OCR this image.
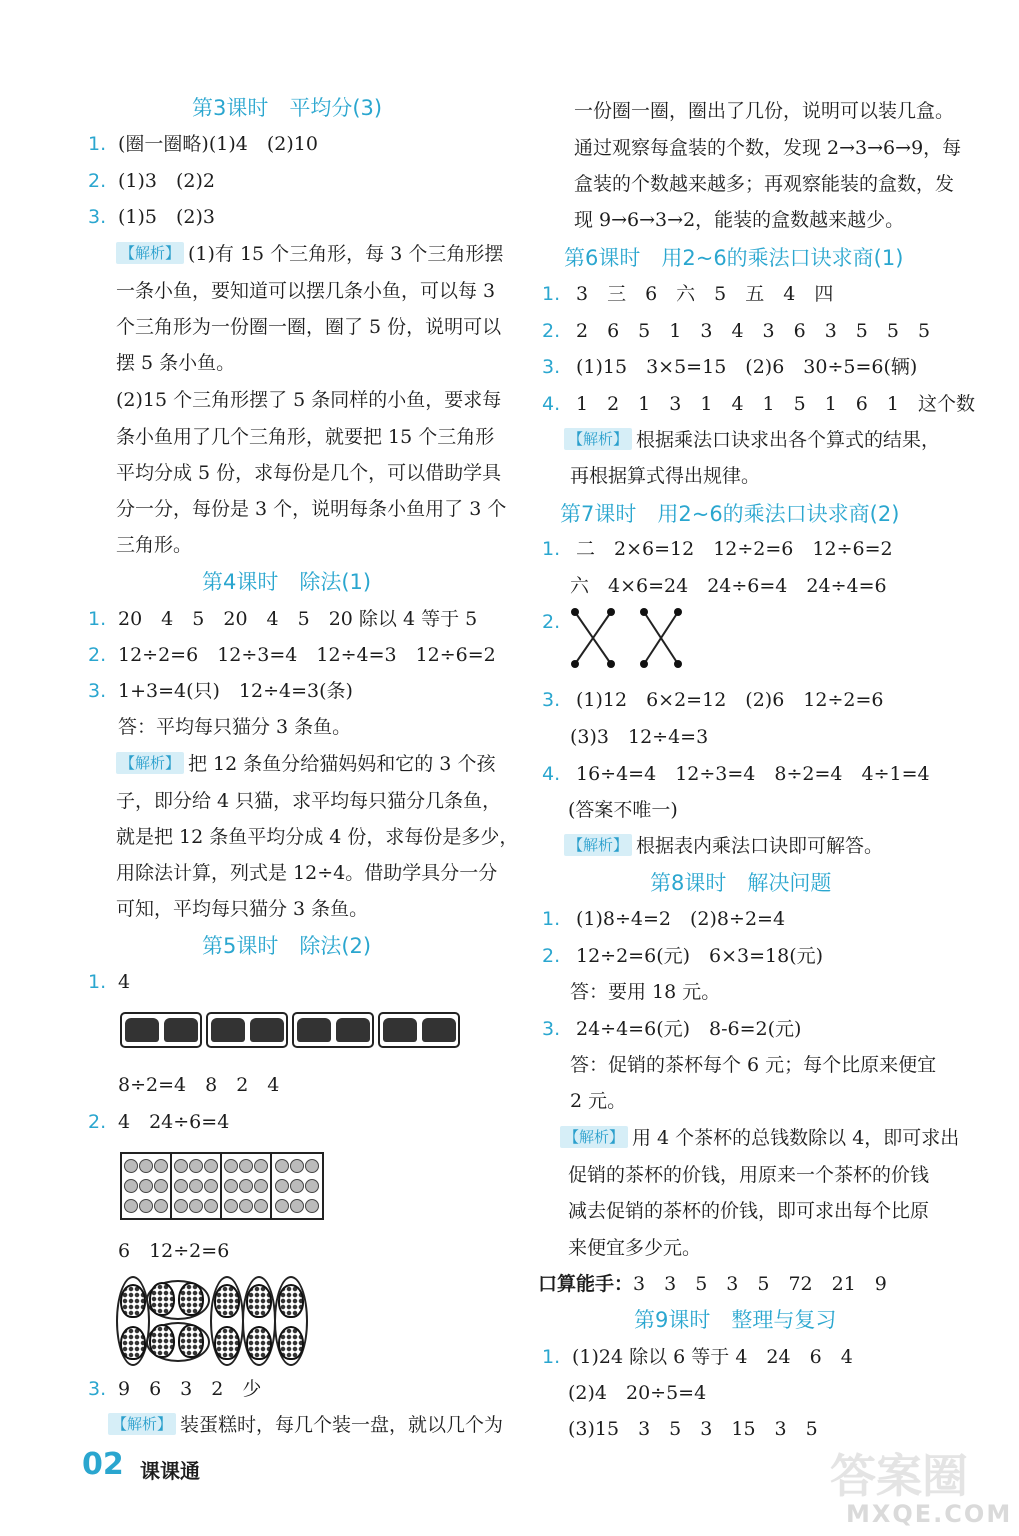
第3课时　平均分(3)
1. (圈一圈略)(1)4　(2)10
2. (1)3　(2)2
3. (1)5　(2)3
【解析】 (1)有 15 个三角形，每 3 个三角形摆
一条小鱼，要知道可以摆几条小鱼，可以每 3
个三角形为一份圈一圈，圈了 5 份，说明可以
摆 5 条小鱼。
(2)15 个三角形摆了 5 条同样的小鱼，要求每
条小鱼用了几个三角形，就要把 15 个三角形
平均分成 5 份，求每份是几个，可以借助学具
分一分，每份是 3 个，说明每条小鱼用了 3 个
三角形。
第4课时　除法(1)
1. 20　4　5　20　4　5　20 除以 4 等于 5
2. 12÷2=6　12÷3=4　12÷4=3　12÷6=2
3. 1+3=4(只)　12÷4=3(条)
答：平均每只猫分 3 条鱼。
【解析】 把 12 条鱼分给猫妈妈和它的 3 个孩
子，即分给 4 只猫，求平均每只猫分几条鱼，
就是把 12 条鱼平均分成 4 份，求每份是多少，
用除法计算，列式是 12÷4。借助学具分一分
可知，平均每只猫分 3 条鱼。
第5课时　除法(2)
1. 4
8÷2=4　8　2　4
2. 4　24÷6=4
6　12÷2=6
3. 9　6　3　2　少
【解析】 装蛋糕时，每几个装一盘，就以几个为
一份圈一圈，圈出了几份，说明可以装几盒。
通过观察每盒装的个数，发现 2→3→6→9，每
盒装的个数越来越多；再观察能装的盒数，发
现 9→6→3→2，能装的盒数越来越少。
第6课时　用2~6的乘法口诀求商(1)
1. 3　三　6　六　5　五　4　四
2. 2　6　5　1　3　4　3　6　3　5　5　5
3. (1)15　3×5=15　(2)6　30÷5=6(辆)
4. 1　2　1　3　1　4　1　5　1　6　1　这个数
【解析】 根据乘法口诀求出各个算式的结果，
再根据算式得出规律。
第7课时　用2~6的乘法口诀求商(2)
1. 二　2×6=12　12÷2=6　12÷6=2
六　4×6=24　24÷6=4　24÷4=6
2.
3. (1)12　6×2=12　(2)6　12÷2=6
(3)3　12÷4=3
4. 16÷4=4　12÷3=4　8÷2=4　4÷1=4
(答案不唯一)
【解析】 根据表内乘法口诀即可解答。
第8课时　解决问题
1. (1)8÷4=2　(2)8÷2=4
2. 12÷2=6(元)　6×3=18(元)
答：要用 18 元。
3. 24÷4=6(元)　8-6=2(元)
答：促销的茶杯每个 6 元；每个比原来便宜
2 元。
【解析】 用 4 个茶杯的总钱数除以 4，即可求出
促销的茶杯的价钱，用原来一个茶杯的价钱
减去促销的茶杯的价钱，即可求出每个比原
来便宜多少元。
口算能手：3　3　5　3　5　72　21　9
第9课时　整理与复习
1. (1)24 除以 6 等于 4　24　6　4
(2)4　20÷5=4
(3)15　3　5　3　15　3　5
02 课课通	答案圈
MXQE.COM
